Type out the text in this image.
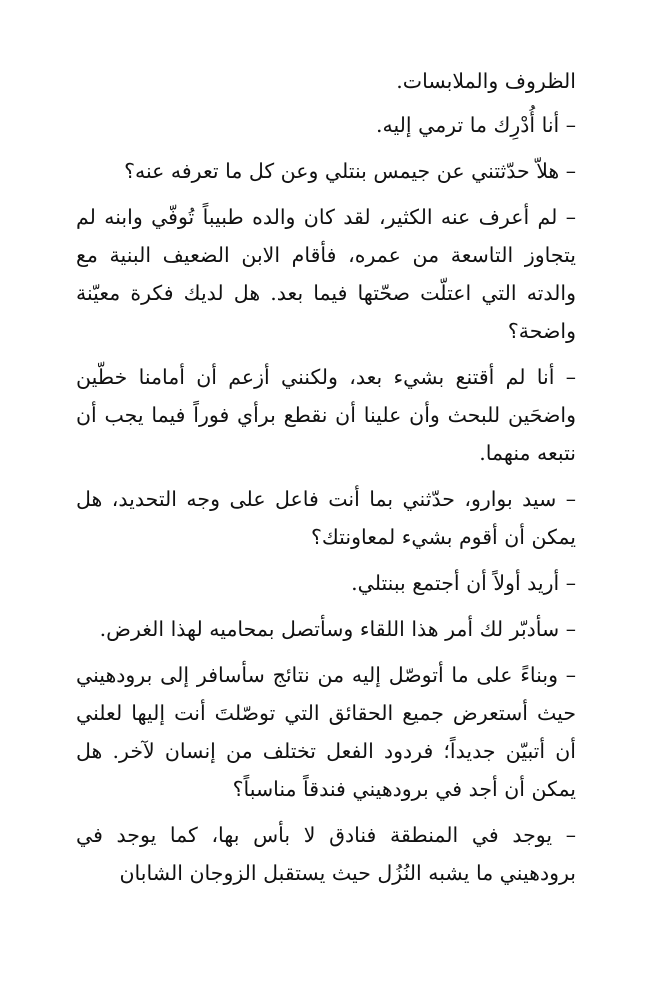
الظروف والملابسات.

– أنا أُدْرِك ما ترمي إليه.

– هلاّ حدّثتني عن جيمس بنتلي وعن كل ما تعرفه عنه؟

– لم أعرف عنه الكثير، لقد كان والده طبيباً تُوفّي وابنه لم يتجاوز التاسعة من عمره، فأقام الابن الضعيف البنية مع والدته التي اعتلّت صحّتها فيما بعد. هل لديك فكرة معيّنة واضحة؟

– أنا لم أقتنع بشيء بعد، ولكنني أزعم أن أمامنا خطّين واضحَين للبحث وأن علينا أن نقطع برأي فوراً فيما يجب أن نتبعه منهما.

– سيد بوارو، حدّثني بما أنت فاعل على وجه التحديد، هل يمكن أن أقوم بشيء لمعاونتك؟

– أريد أولاً أن أجتمع ببنتلي.

– سأدبّر لك أمر هذا اللقاء وسأتصل بمحاميه لهذا الغرض.

– وبناءً على ما أتوصّل إليه من نتائج سأسافر إلى برودهيني حيث أستعرض جميع الحقائق التي توصّلتَ أنت إليها لعلني أن أتبيّن جديداً؛ فردود الفعل تختلف من إنسان لآخر. هل يمكن أن أجد في برودهيني فندقاً مناسباً؟

– يوجد في المنطقة فنادق لا بأس بها، كما يوجد في برودهيني ما يشبه النُزُل حيث يستقبل الزوجان الشابان
